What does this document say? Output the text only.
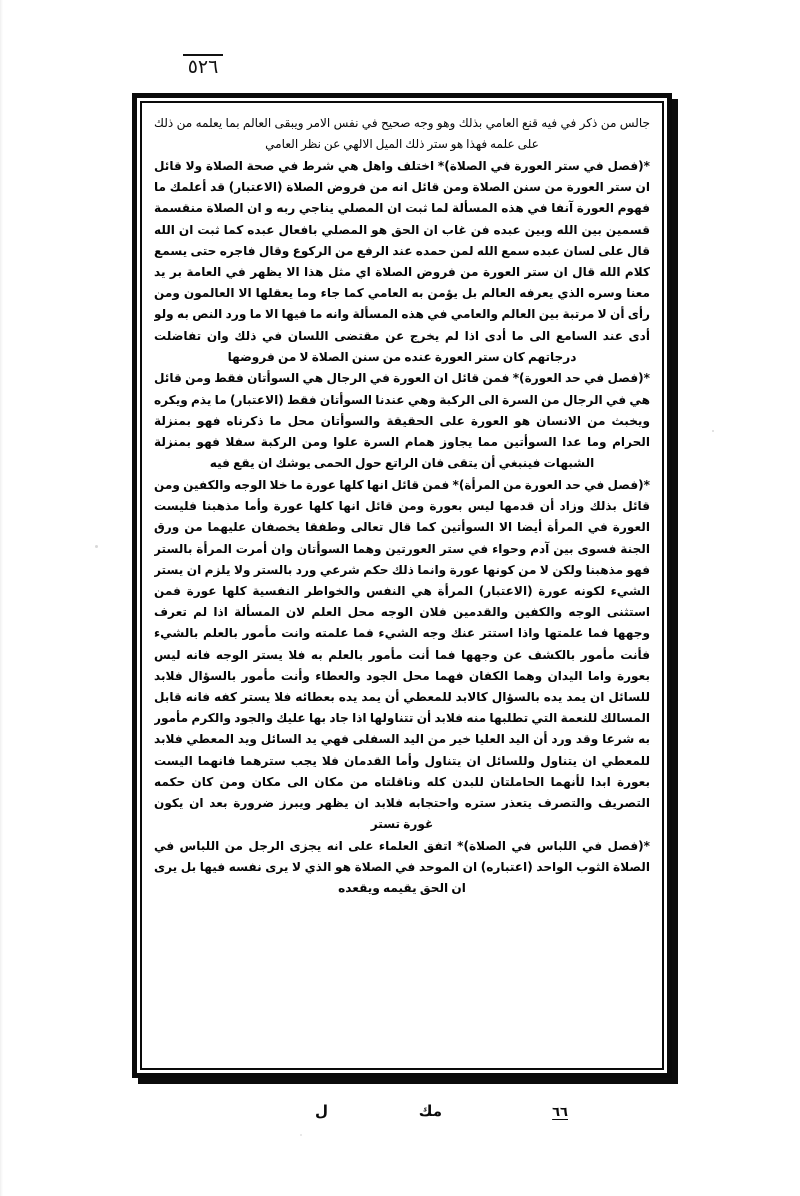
٥٢٦

جالس من ذكر في فيه قنع العامي بذلك وهو وجه صحيح في نفس الامر ويبقى العالم بما يعلمه من ذلك على علمه فهذا هو ستر ذلك الميل الالهي عن نظر العامي

*(فصل في ستر العورة في الصلاة)* اختلف واهل هي شرط في صحة الصلاة ولا قائل ان ستر العورة من سنن الصلاة ومن قائل انه من فروض الصلاة (الاعتبار) قد أعلمك ما فهوم العورة آنفا في هذه المسألة لما ثبت ان المصلي يناجي ربه و ان الصلاة منقسمة قسمين بين الله وبين عبده فن غاب ان الحق هو المصلي بافعال عبده كما ثبت ان الله قال على لسان عبده سمع الله لمن حمده عند الرفع من الركوع وقال فاجره حتى يسمع كلام الله قال ان ستر العورة من فروض الصلاة اي مثل هذا الا يظهر في العامة بر يد معنا وسره الذي يعرفه العالم بل يؤمن به العامي كما جاء وما يعقلها الا العالمون ومن رأى أن لا مرتبة بين العالم والعامي في هذه المسألة وانه ما فيها الا ما ورد النص به ولو أدى عند السامع الى ما أدى اذا لم يخرج عن مقتضى اللسان في ذلك وان تفاضلت درجاتهم كان ستر العورة عنده من سنن الصلاة لا من فروضها

*(فصل في حد العورة)* فمن قائل ان العورة في الرجال هي السوأتان فقط ومن قائل هي في الرجال من السرة الى الركبة وهي عندنا السوأتان فقط (الاعتبار) ما يذم ويكره ويخبث من الانسان هو العورة على الحقيقة والسوأتان محل ما ذكرناه فهو بمنزلة الحرام وما عدا السوأتين مما يجاوز همام السرة علوا ومن الركبة سفلا فهو بمنزلة الشبهات فينبغي أن يتقى فان الراتع حول الحمى يوشك ان يقع فيه

*(فصل في حد العورة من المرأة)* فمن قائل انها كلها عورة ما خلا الوجه والكفين ومن قائل بذلك وزاد أن قدمها ليس بعورة ومن قائل انها كلها عورة وأما مذهبنا فليست العورة في المرأة أيضا الا السوأتين كما قال تعالى وطفقا يخصفان عليهما من ورق الجنة فسوى بين آدم وحواء في ستر العورتين وهما السوأتان وان أمرت المرأة بالستر فهو مذهبنا ولكن لا من كونها عورة وانما ذلك حكم شرعي ورد بالستر ولا يلزم ان يستر الشيء لكونه عورة (الاعتبار) المرأة هي النفس والخواطر النفسية كلها عورة فمن استثنى الوجه والكفين والقدمين فلان الوجه محل العلم لان المسألة اذا لم تعرف وجهها فما علمتها واذا استتر عنك وجه الشيء فما علمته وانت مأمور بالعلم بالشيء فأنت مأمور بالكشف عن وجهها فما أنت مأمور بالعلم به فلا يستر الوجه فانه ليس بعورة واما اليدان وهما الكفان فهما محل الجود والعطاء وأنت مأمور بالسؤال فلابد للسائل ان يمد يده بالسؤال كالابد للمعطي أن يمد يده بعطائه فلا يستر كفه فانه قابل المسالك للنعمة التي تطلبها منه فلابد أن تتناولها اذا جاد بها عليك والجود والكرم مأمور به شرعا وقد ورد أن اليد العليا خير من اليد السفلى فهي يد السائل ويد المعطي فلابد للمعطي ان يتناول وللسائل ان يتناول وأما القدمان فلا يجب سترهما فانهما اليست بعورة ابدا لأنهما الحاملتان للبدن كله وناقلتاه من مكان الى مكان ومن كان حكمه التصريف والتصرف يتعذر ستره واحتجابه فلابد ان يظهر ويبرز ضرورة بعد ان يكون غورة تستر

*(فصل في اللباس في الصلاة)* اتفق العلماء على انه يجزى الرجل من اللباس في الصلاة الثوب الواحد (اعتباره) ان الموحد في الصلاة هو الذي لا يرى نفسه فيها بل يرى ان الحق يقيمه ويقعده

٦٦
مك
ل
